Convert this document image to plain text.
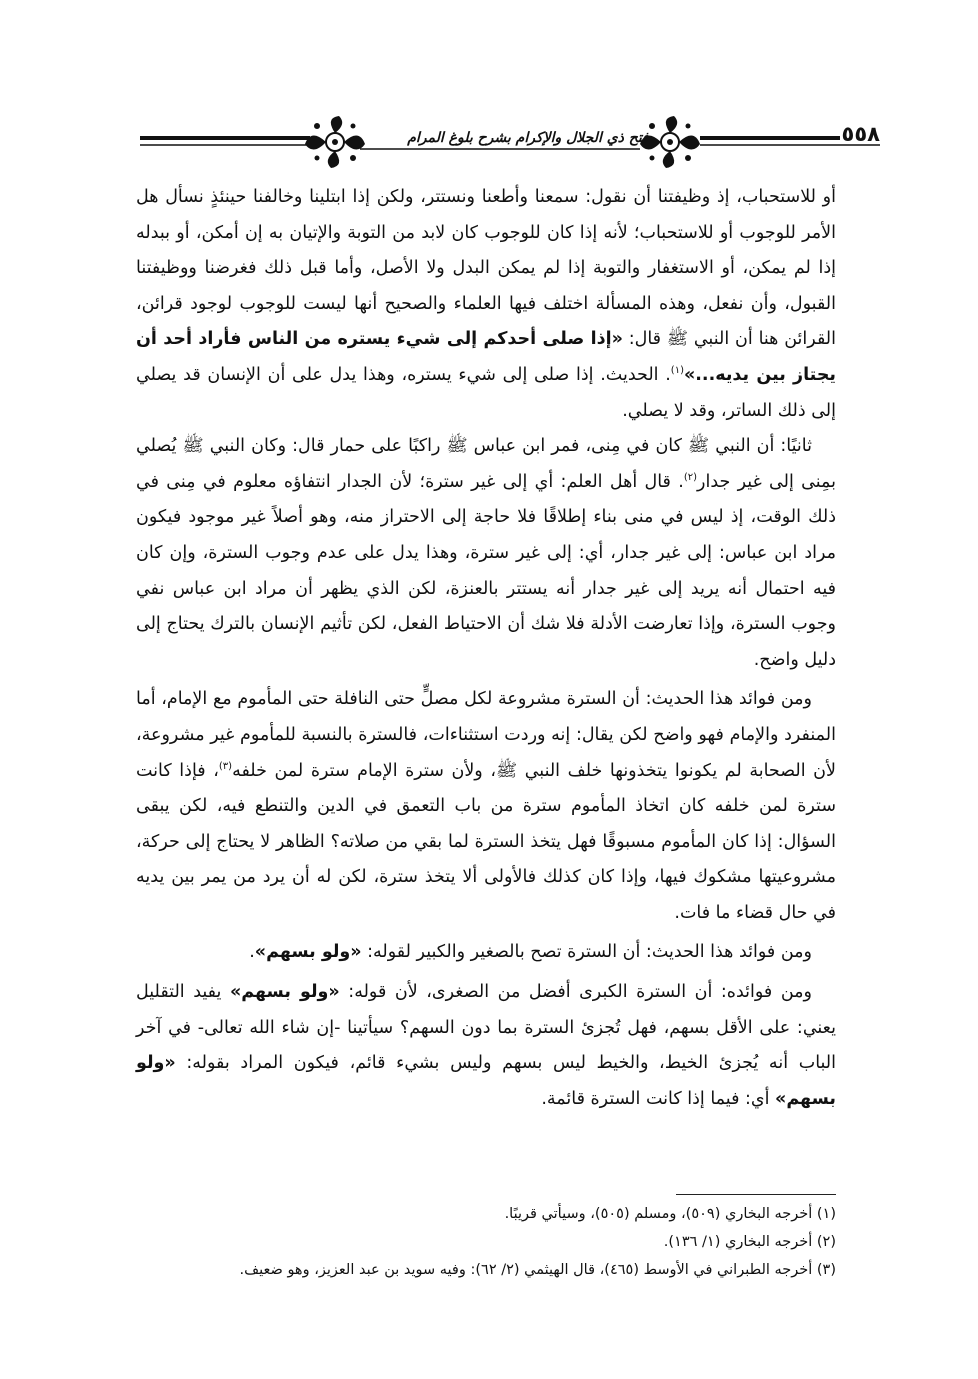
فتح ذي الجلال والإكرام بشرح بلوغ المرام	٥٥٨

أو للاستحباب، إذ وظيفتنا أن نقول: سمعنا وأطعنا ونستتر، ولكن إذا ابتلينا وخالفنا حينئذٍ نسأل هل الأمر للوجوب أو للاستحباب؛ لأنه إذا كان للوجوب كان لابد من التوبة والإتيان به إن أمكن، أو ببدله إذا لم يمكن، أو الاستغفار والتوبة إذا لم يمكن البدل ولا الأصل، وأما قبل ذلك فغرضنا ووظيفتنا القبول، وأن نفعل، وهذه المسألة اختلف فيها العلماء والصحيح أنها ليست للوجوب لوجود قرائن، القرائن هنا أن النبي ﷺ قال: «إذا صلى أحدكم إلى شيء يستره من الناس فأراد أحد أن يجتاز بين يديه...»$^{(١)}$. الحديث. إذا صلى إلى شيء يستره، وهذا يدل على أن الإنسان قد يصلي إلى ذلك الساتر، وقد لا يصلي.

ثانيًا: أن النبي ﷺ كان في مِنى، فمر ابن عباس ﷺ راكبًا على حمار قال: وكان النبي ﷺ يُصلي بمِنى إلى غير جدار$^{(٢)}$. قال أهل العلم: أي إلى غير سترة؛ لأن الجدار انتفاؤه معلوم في مِنى في ذلك الوقت، إذ ليس في منى بناء إطلاقًا فلا حاجة إلى الاحتراز منه، وهو أصلاً غير موجود فيكون مراد ابن عباس: إلى غير جدار، أي: إلى غير سترة، وهذا يدل على عدم وجوب السترة، وإن كان فيه احتمال أنه يريد إلى غير جدار أنه يستتر بالعنزة، لكن الذي يظهر أن مراد ابن عباس نفي وجوب السترة، وإذا تعارضت الأدلة فلا شك أن الاحتياط الفعل، لكن تأثيم الإنسان بالترك يحتاج إلى دليل واضح.

ومن فوائد هذا الحديث: أن السترة مشروعة لكل مصلٍّ حتى النافلة حتى المأموم مع الإمام، أما المنفرد والإمام فهو واضح لكن يقال: إنه وردت استثناءات، فالسترة بالنسبة للمأموم غير مشروعة، لأن الصحابة لم يكونوا يتخذونها خلف النبي ﷺ، ولأن سترة الإمام سترة لمن خلفه$^{(٣)}$، فإذا كانت سترة لمن خلفه كان اتخاذ المأموم سترة من باب التعمق في الدين والتنطع فيه، لكن يبقى السؤال: إذا كان المأموم مسبوقًا فهل يتخذ السترة لما بقي من صلاته؟ الظاهر لا يحتاج إلى حركة، مشروعيتها مشكوك فيها، وإذا كان كذلك فالأولى ألا يتخذ سترة، لكن له أن يرد من يمر بين يديه في حال قضاء ما فات.

ومن فوائد هذا الحديث: أن السترة تصح بالصغير والكبير لقوله: «ولو بسهم».

ومن فوائده: أن السترة الكبرى أفضل من الصغرى، لأن قوله: «ولو بسهم» يفيد التقليل يعني: على الأقل بسهم، فهل تُجزئ السترة بما دون السهم؟ سيأتينا -إن شاء الله تعالى- في آخر الباب أنه يُجزئ الخيط، والخيط ليس بسهم وليس بشيء قائم، فيكون المراد بقوله: «ولو بسهم» أي: فيما إذا كانت السترة قائمة.

(١) أخرجه البخاري (٥٠٩)، ومسلم (٥٠٥)، وسيأتي قريبًا.

(٢) أخرجه البخاري (١/ ١٣٦).

(٣) أخرجه الطبراني في الأوسط (٤٦٥)، قال الهيثمي (٢/ ٦٢): وفيه سويد بن عبد العزيز، وهو ضعيف.
